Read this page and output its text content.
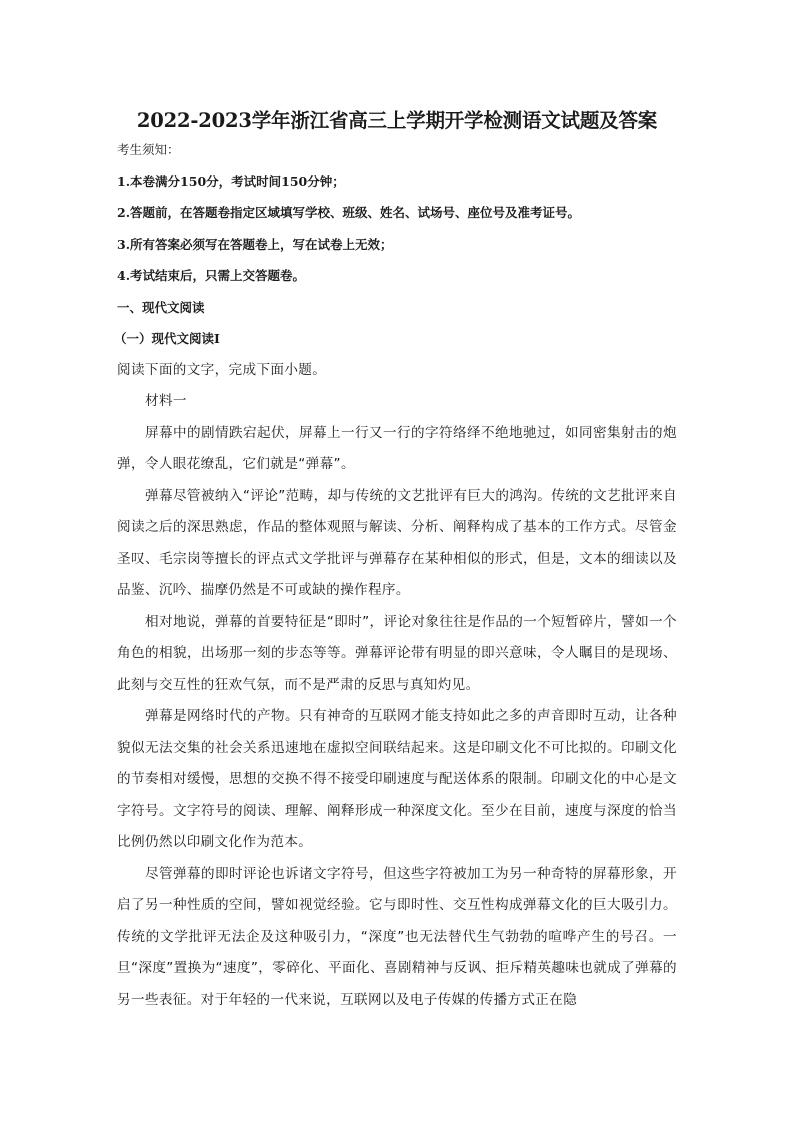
2022-2023学年浙江省高三上学期开学检测语文试题及答案
考生须知：
1.本卷满分150分，考试时间150分钟；
2.答题前，在答题卷指定区域填写学校、班级、姓名、试场号、座位号及准考证号。
3.所有答案必须写在答题卷上，写在试卷上无效；
4.考试结束后，只需上交答题卷。
一、现代文阅读
（一）现代文阅读I

阅读下面的文字，完成下面小题。

材料一

屏幕中的剧情跌宕起伏，屏幕上一行又一行的字符络绎不绝地驰过，如同密集射击的炮弹，令人眼花缭乱，它们就是“弹幕”。

弹幕尽管被纳入“评论”范畴，却与传统的文艺批评有巨大的鸿沟。传统的文艺批评来自阅读之后的深思熟虑，作品的整体观照与解读、分析、阐释构成了基本的工作方式。尽管金圣叹、毛宗岗等擅长的评点式文学批评与弹幕存在某种相似的形式，但是，文本的细读以及品鉴、沉吟、揣摩仍然是不可或缺的操作程序。

相对地说，弹幕的首要特征是“即时”，评论对象往往是作品的一个短暂碎片，譬如一个角色的相貌，出场那一刻的步态等等。弹幕评论带有明显的即兴意味，令人瞩目的是现场、此刻与交互性的狂欢气氛，而不是严肃的反思与真知灼见。

弹幕是网络时代的产物。只有神奇的互联网才能支持如此之多的声音即时互动，让各种貌似无法交集的社会关系迅速地在虚拟空间联结起来。这是印刷文化不可比拟的。印刷文化的节奏相对缓慢，思想的交换不得不接受印刷速度与配送体系的限制。印刷文化的中心是文字符号。文字符号的阅读、理解、阐释形成一种深度文化。至少在目前，速度与深度的恰当比例仍然以印刷文化作为范本。

尽管弹幕的即时评论也诉诸文字符号，但这些字符被加工为另一种奇特的屏幕形象，开启了另一种性质的空间，譬如视觉经验。它与即时性、交互性构成弹幕文化的巨大吸引力。传统的文学批评无法企及这种吸引力，“深度”也无法替代生气勃勃的喧哗产生的号召。一旦“深度”置换为“速度”，零碎化、平面化、喜剧精神与反讽、拒斥精英趣味也就成了弹幕的另一些表征。对于年轻的一代来说，互联网以及电子传媒的传播方式正在隐
